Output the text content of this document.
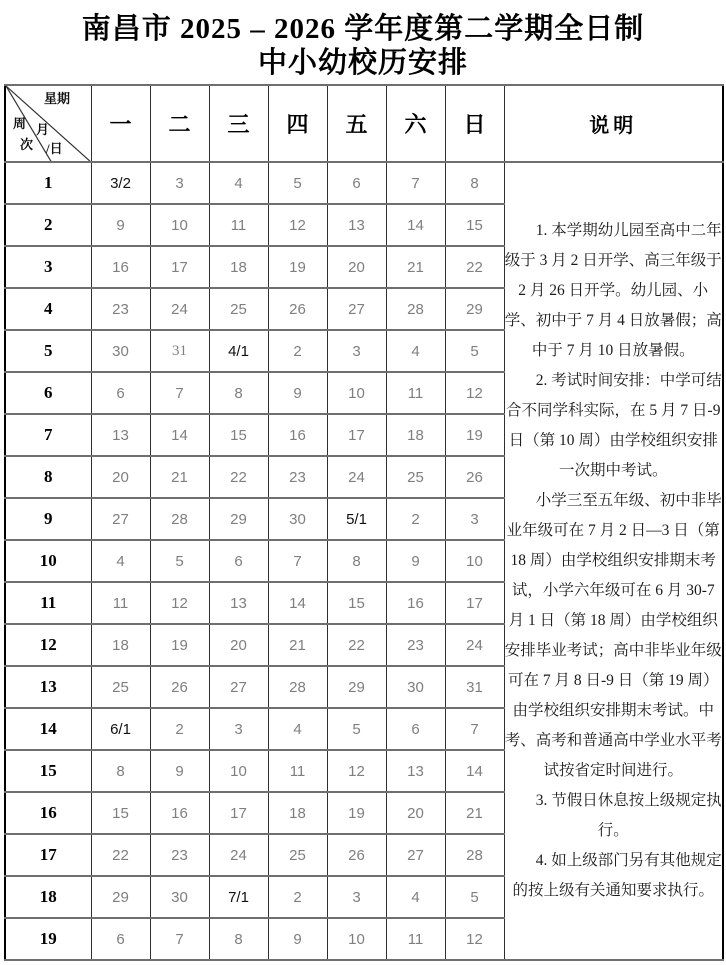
南昌市 2025 – 2026 学年度第二学期全日制
中小幼校历安排
星期
周 月
次 /日	一	二	三	四	五	六	日	说明
1	3/2	3	4	5	6	7	8	1. 本学期幼儿园至高中二年级于 3 月 2 日开学、高三年级于 2 月 26 日开学。幼儿园、小学、初中于 7 月 4 日放暑假；高中于 7 月 10 日放暑假。

2. 考试时间安排：中学可结合不同学科实际，在 5 月 7 日-9 日（第 10 周）由学校组织安排一次期中考试。

小学三至五年级、初中非毕业年级可在 7 月 2 日—3 日（第 18 周）由学校组织安排期末考试，小学六年级可在 6 月 30-7 月 1 日（第 18 周）由学校组织安排毕业考试；高中非毕业年级可在 7 月 8 日-9 日（第 19 周）由学校组织安排期末考试。中考、高考和普通高中学业水平考试按省定时间进行。

3. 节假日休息按上级规定执行。

4. 如上级部门另有其他规定的按上级有关通知要求执行。

2	9	10	11	12	13	14	15	
3	16	17	18	19	20	21	22	
4	23	24	25	26	27	28	29	
5	30	31	4/1	2	3	4	5	
6	6	7	8	9	10	11	12	
7	13	14	15	16	17	18	19	
8	20	21	22	23	24	25	26	
9	27	28	29	30	5/1	2	3	
10	4	5	6	7	8	9	10	
11	11	12	13	14	15	16	17	
12	18	19	20	21	22	23	24	
13	25	26	27	28	29	30	31	
14	6/1	2	3	4	5	6	7	
15	8	9	10	11	12	13	14	
16	15	16	17	18	19	20	21	
17	22	23	24	25	26	27	28	
18	29	30	7/1	2	3	4	5	
19	6	7	8	9	10	11	12	
